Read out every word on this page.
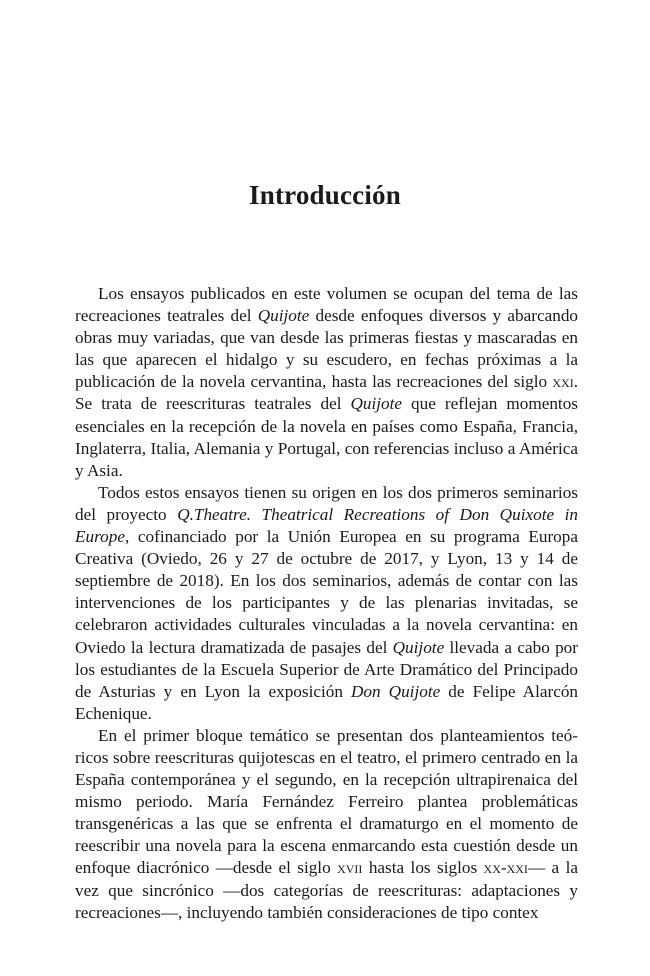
Introducción

Los ensayos publicados en este volumen se ocupan del tema de las recreaciones teatrales del Quijote desde enfoques diversos y abarcando obras muy variadas, que van desde las primeras fiestas y mascaradas en las que aparecen el hidalgo y su escudero, en fechas próximas a la publicación de la novela cervantina, hasta las recreaciones del siglo xxi. Se trata de reescrituras teatrales del Quijote que reflejan momentos esenciales en la recepción de la novela en países como España, Francia, Inglaterra, Italia, Alemania y Portugal, con referencias incluso a América y Asia.

Todos estos ensayos tienen su origen en los dos primeros seminarios del proyecto Q.Theatre. Theatrical Recreations of Don Quixote in Europe, cofinanciado por la Unión Europea en su programa Europa Creativa (Oviedo, 26 y 27 de octubre de 2017, y Lyon, 13 y 14 de septiembre de 2018). En los dos seminarios, además de contar con las intervenciones de los participantes y de las plenarias invitadas, se celebraron actividades culturales vinculadas a la novela cervantina: en Oviedo la lectura dramatizada de pasajes del Quijote llevada a cabo por los estudiantes de la Escuela Superior de Arte Dramático del Principado de Asturias y en Lyon la exposición Don Quijote de Felipe Alarcón Echenique.

En el primer bloque temático se presentan dos planteamientos teóricos sobre reescrituras quijotescas en el teatro, el primero centrado en la España contemporánea y el segundo, en la recepción ultrapirenaica del mismo periodo. María Fernández Ferreiro plantea problemáticas transgenéricas a las que se enfrenta el dramaturgo en el momento de reescribir una novela para la escena enmarcando esta cuestión desde un enfoque diacrónico —desde el siglo xvii hasta los siglos xx-xxi— a la vez que sincrónico —dos categorías de reescrituras: adaptaciones y recreaciones—, incluyendo también consideraciones de tipo contex
